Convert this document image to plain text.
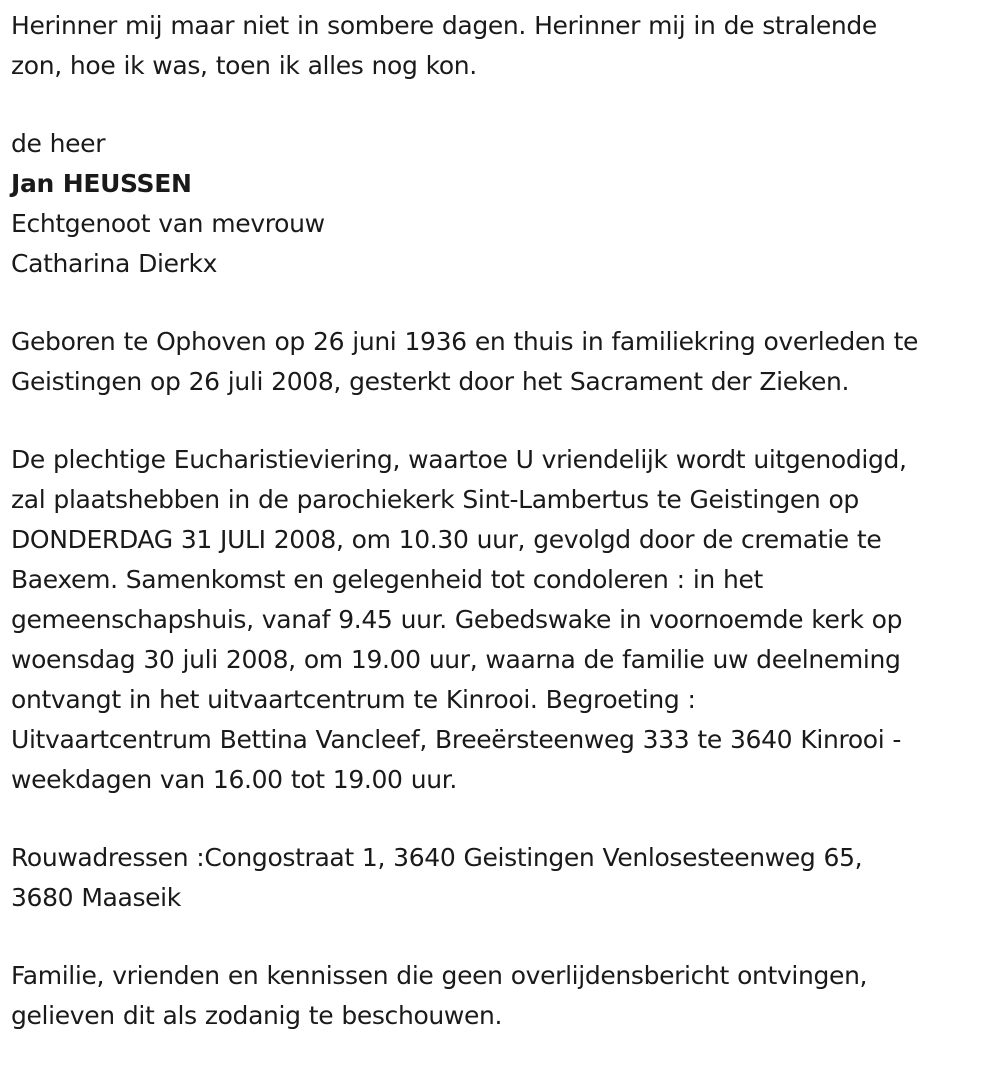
Herinner mij maar niet in sombere dagen. Herinner mij in de stralende
zon, hoe ik was, toen ik alles nog kon.

de heer

Jan HEUSSEN

Echtgenoot van mevrouw

Catharina Dierkx

Geboren te Ophoven op 26 juni 1936 en thuis in familiekring overleden te
Geistingen op 26 juli 2008, gesterkt door het Sacrament der Zieken.

De plechtige Eucharistieviering, waartoe U vriendelijk wordt uitgenodigd,
zal plaatshebben in de parochiekerk Sint-Lambertus te Geistingen op
DONDERDAG 31 JULI 2008, om 10.30 uur, gevolgd door de crematie te
Baexem. Samenkomst en gelegenheid tot condoleren : in het
gemeenschapshuis, vanaf 9.45 uur. Gebedswake in voornoemde kerk op
woensdag 30 juli 2008, om 19.00 uur, waarna de familie uw deelneming
ontvangt in het uitvaartcentrum te Kinrooi. Begroeting :
Uitvaartcentrum Bettina Vancleef, Breeërsteenweg 333 te 3640 Kinrooi -
weekdagen van 16.00 tot 19.00 uur.

Rouwadressen :Congostraat 1, 3640 Geistingen Venlosesteenweg 65,
3680 Maaseik

Familie, vrienden en kennissen die geen overlijdensbericht ontvingen,
gelieven dit als zodanig te beschouwen.
